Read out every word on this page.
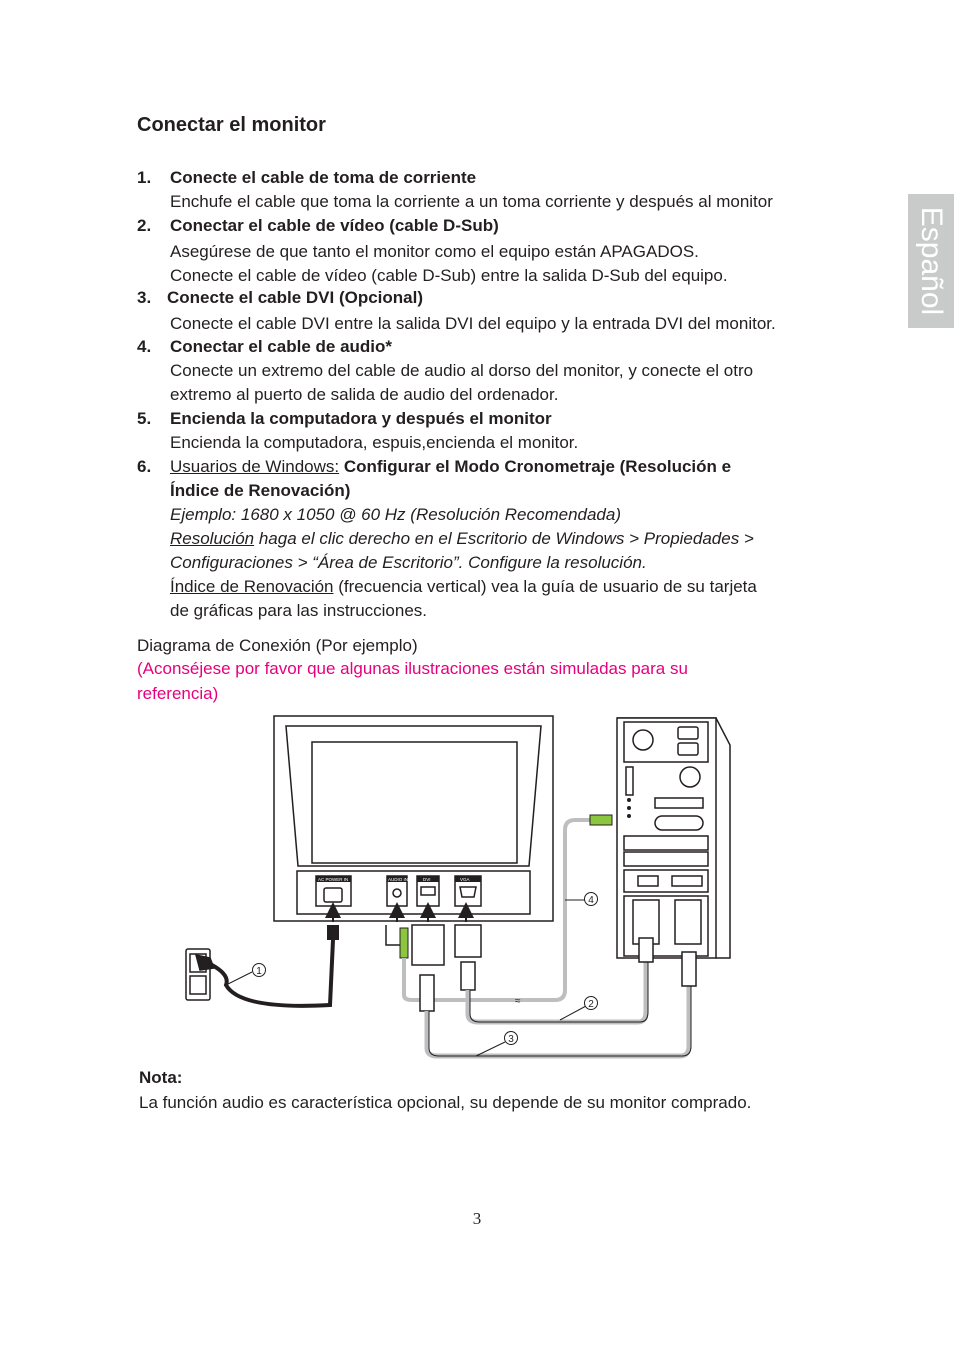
Español
Conectar el monitor
1. Conecte el cable de toma de corriente
Enchufe el cable que toma la corriente a un toma corriente y después al monitor
2. Conectar el cable de vídeo (cable D-Sub)
Asegúrese de que tanto el monitor como el equipo están APAGADOS.
Conecte el cable de vídeo (cable D-Sub) entre la salida D-Sub del equipo.
3. Conecte el cable DVI (Opcional)
Conecte el cable DVI entre la salida DVI del equipo y la entrada DVI del monitor.
4. Conectar el cable de audio*
Conecte un extremo del cable de audio al dorso del monitor, y conecte el otro
extremo al puerto de salida de audio del ordenador.
5. Encienda la computadora y después el monitor
Encienda la computadora, espuis,encienda el monitor.
6. Usuarios de Windows: Configurar el Modo Cronometraje (Resolución e
Índice de Renovación)
Ejemplo: 1680 x 1050 @ 60 Hz (Resolución Recomendada)
Resolución haga el clic derecho en el Escritorio de Windows > Propiedades >
Configuraciones > “Área de Escritorio”. Configure la resolución.
Índice de Renovación (frecuencia vertical) vea la guía de usuario de su tarjeta
de gráficas para las instrucciones.
Diagrama de Conexión (Por ejemplo)
(Aconséjese por favor que algunas ilustraciones están simuladas para su
referencia)
AC POWER IN	AUDIO IN	DVI	VGA
≈
1
2
3
4
Nota:
La función audio es característica opcional, su depende de su monitor comprado.
3
